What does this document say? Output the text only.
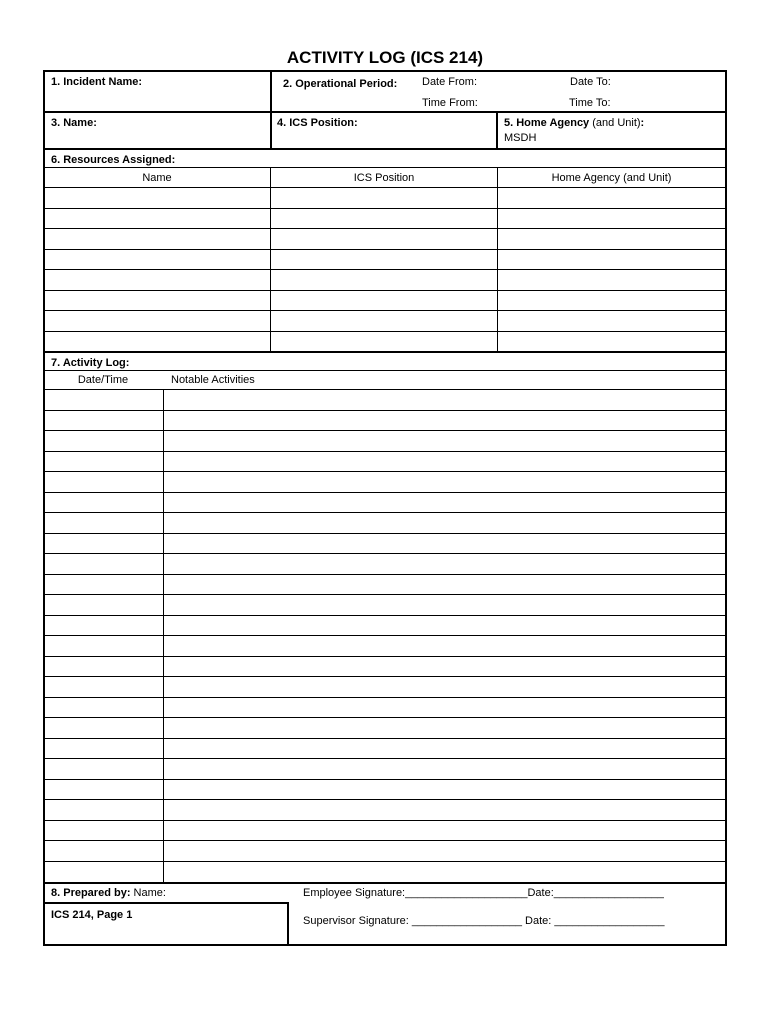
ACTIVITY LOG (ICS 214)
1. Incident Name:	2. Operational Period: Date From:	Date To:
Time From:	Time To:
3. Name:	4. ICS Position:	5. Home Agency (and Unit):
MSDH
6. Resources Assigned:
Name	ICS Position	Home Agency (and Unit)
7. Activity Log:
Date/Time	Notable Activities
8. Prepared by: Name:	Employee Signature:____________________Date:__________________
ICS 214, Page 1	Supervisor Signature: __________________ Date: __________________
